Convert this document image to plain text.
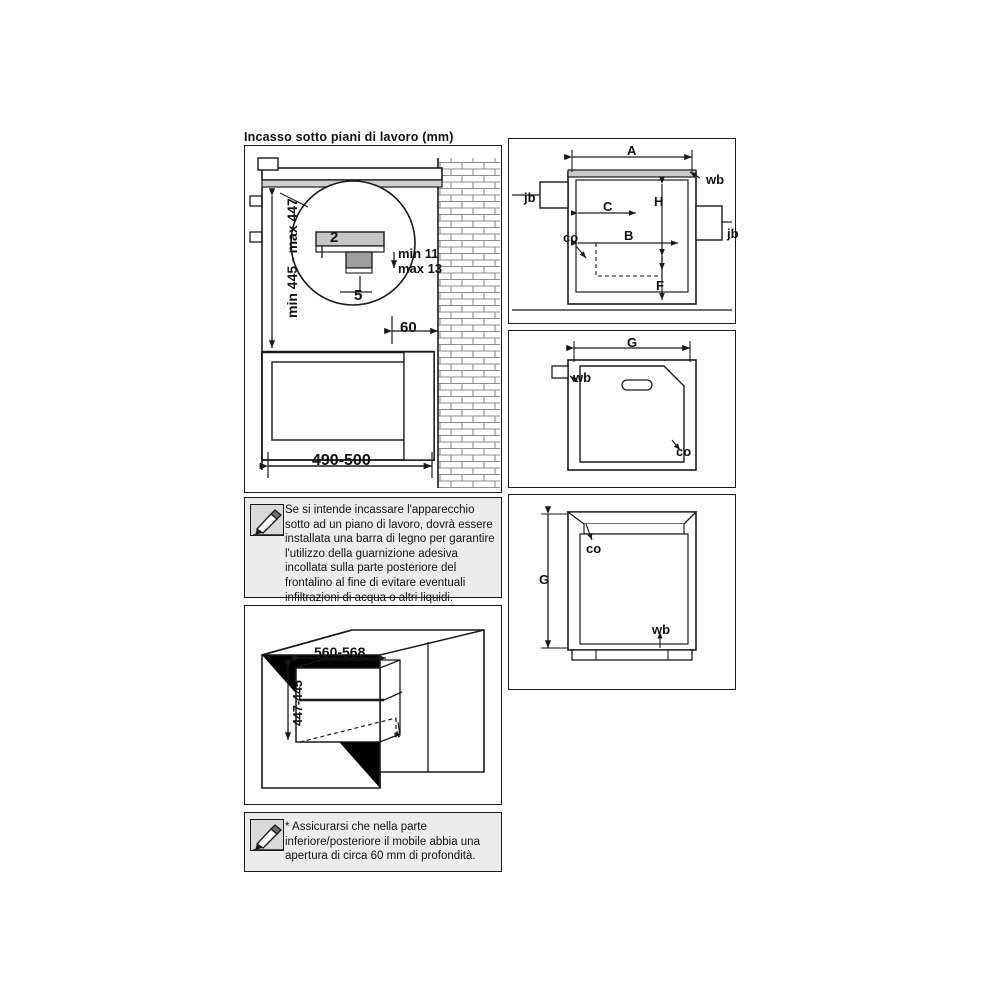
Incasso sotto piani di lavoro (mm)
min 445 - max 447 2
min 11
max 13
5
60
490-500
Se si intende incassare l'apparecchio sotto ad un piano di lavoro, dovrà essere installata una barra di legno per garantire l'utilizzo della guarnizione adesiva incollata sulla parte posteriore del frontalino al fine di evitare eventuali infiltrazioni di acqua o altri liquidi.
560-568
447-445
*
* Assicurarsi che nella parte inferiore/posteriore il mobile abbia una apertura di circa 60 mm di profondità.
A
C
B
H
F
wb
co
jb
jb
G
wb
co
G
co
wb
